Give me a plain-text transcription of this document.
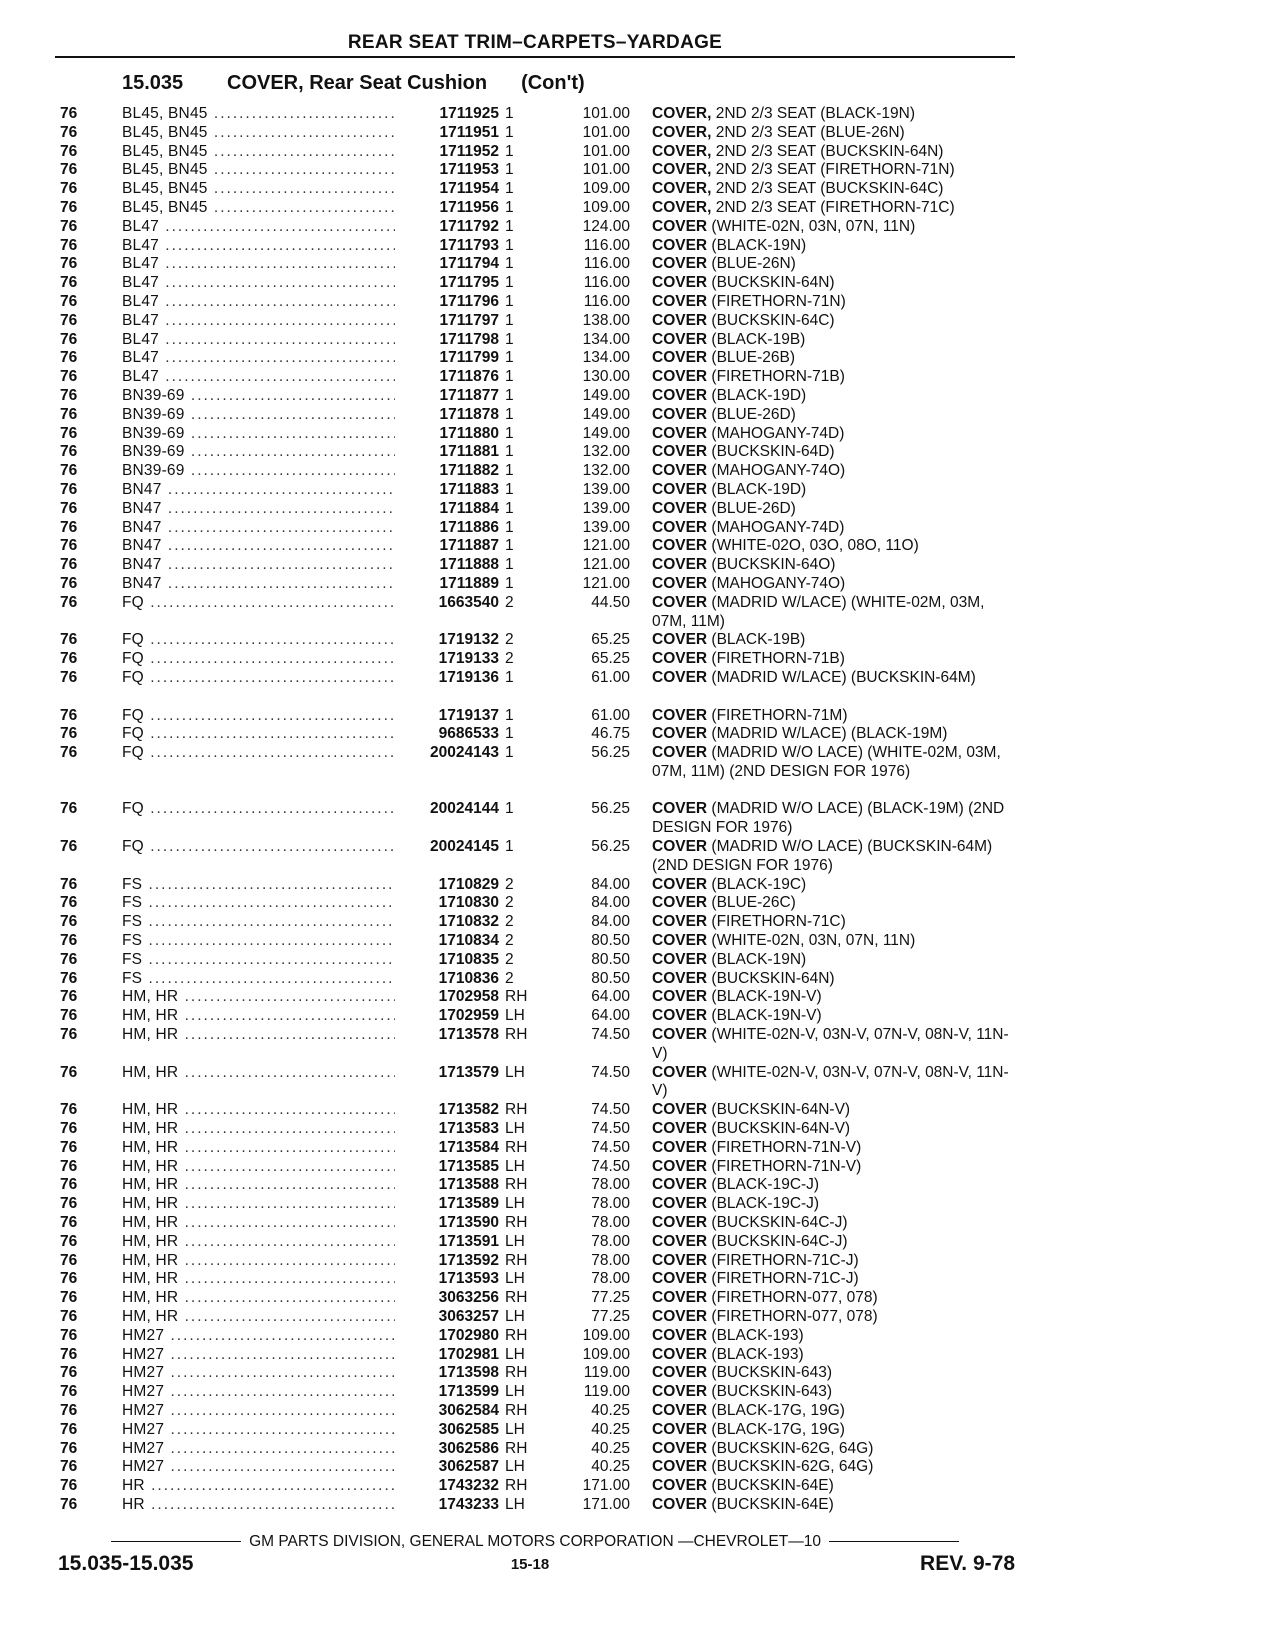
REAR SEAT TRIM–CARPETS–YARDAGE
15.035 COVER, Rear Seat Cushion (Con't)
76	BL45, BN45 .....	1711925 1	101.00 COVER, 2ND 2/3 SEAT (BLACK-19N)
76	BL45, BN45 .....	1711951 1	101.00 COVER, 2ND 2/3 SEAT (BLUE-26N)
76	BL45, BN45 .....	1711952 1	101.00 COVER, 2ND 2/3 SEAT (BUCKSKIN-64N)
76	BL45, BN45 .....	1711953 1	101.00 COVER, 2ND 2/3 SEAT (FIRETHORN-71N)
76	BL45, BN45 .....	1711954 1	109.00 COVER, 2ND 2/3 SEAT (BUCKSKIN-64C)
76	BL45, BN45 .....	1711956 1	109.00 COVER, 2ND 2/3 SEAT (FIRETHORN-71C)
76	BL47 .....	1711792 1	124.00 COVER (WHITE-02N, 03N, 07N, 11N)
76	BL47 .....	1711793 1	116.00 COVER (BLACK-19N)
76	BL47 .....	1711794 1	116.00 COVER (BLUE-26N)
76	BL47 .....	1711795 1	116.00 COVER (BUCKSKIN-64N)
76	BL47 .....	1711796 1	116.00 COVER (FIRETHORN-71N)
76	BL47 .....	1711797 1	138.00 COVER (BUCKSKIN-64C)
76	BL47 .....	1711798 1	134.00 COVER (BLACK-19B)
76	BL47 .....	1711799 1	134.00 COVER (BLUE-26B)
76	BL47 .....	1711876 1	130.00 COVER (FIRETHORN-71B)
76	BN39-69 .....	1711877 1	149.00 COVER (BLACK-19D)
76	BN39-69 .....	1711878 1	149.00 COVER (BLUE-26D)
76	BN39-69 .....	1711880 1	149.00 COVER (MAHOGANY-74D)
76	BN39-69 .....	1711881 1	132.00 COVER (BUCKSKIN-64D)
76	BN39-69 .....	1711882 1	132.00 COVER (MAHOGANY-74O)
76	BN47 .....	1711883 1	139.00 COVER (BLACK-19D)
76	BN47 .....	1711884 1	139.00 COVER (BLUE-26D)
76	BN47 .....	1711886 1	139.00 COVER (MAHOGANY-74D)
76	BN47 .....	1711887 1	121.00 COVER (WHITE-02O, 03O, 08O, 11O)
76	BN47 .....	1711888 1	121.00 COVER (BUCKSKIN-64O)
76	BN47 .....	1711889 1	121.00 COVER (MAHOGANY-74O)
76	FQ .....	1663540 2	44.50 COVER (MADRID W/LACE) (WHITE-02M, 03M, 07M, 11M)
76	FQ .....	1719132 2	65.25 COVER (BLACK-19B)
76	FQ .....	1719133 2	65.25 COVER (FIRETHORN-71B)
76	FQ .....	1719136 1	61.00 COVER (MADRID W/LACE) (BUCKSKIN-64M)
76	FQ .....	1719137 1	61.00 COVER (FIRETHORN-71M)
76	FQ .....	9686533 1	46.75 COVER (MADRID W/LACE) (BLACK-19M)
76	FQ .....	20024143 1	56.25 COVER (MADRID W/O LACE) (WHITE-02M, 03M, 07M, 11M) (2ND DESIGN FOR 1976)
76	FQ .....	20024144 1	56.25 COVER (MADRID W/O LACE) (BLACK-19M) (2ND DESIGN FOR 1976)
76	FQ .....	20024145 1	56.25 COVER (MADRID W/O LACE) (BUCKSKIN-64M) (2ND DESIGN FOR 1976)
76	FS .....	1710829 2	84.00 COVER (BLACK-19C)
76	FS .....	1710830 2	84.00 COVER (BLUE-26C)
76	FS .....	1710832 2	84.00 COVER (FIRETHORN-71C)
76	FS .....	1710834 2	80.50 COVER (WHITE-02N, 03N, 07N, 11N)
76	FS .....	1710835 2	80.50 COVER (BLACK-19N)
76	FS .....	1710836 2	80.50 COVER (BUCKSKIN-64N)
76	HM, HR .....	1702958 RH	64.00 COVER (BLACK-19N-V)
76	HM, HR .....	1702959 LH	64.00 COVER (BLACK-19N-V)
76	HM, HR .....	1713578 RH	74.50 COVER (WHITE-02N-V, 03N-V, 07N-V, 08N-V, 11N-V)
76	HM, HR .....	1713579 LH	74.50 COVER (WHITE-02N-V, 03N-V, 07N-V, 08N-V, 11N-V)
76	HM, HR .....	1713582 RH	74.50 COVER (BUCKSKIN-64N-V)
76	HM, HR .....	1713583 LH	74.50 COVER (BUCKSKIN-64N-V)
76	HM, HR .....	1713584 RH	74.50 COVER (FIRETHORN-71N-V)
76	HM, HR .....	1713585 LH	74.50 COVER (FIRETHORN-71N-V)
76	HM, HR .....	1713588 RH	78.00 COVER (BLACK-19C-J)
76	HM, HR .....	1713589 LH	78.00 COVER (BLACK-19C-J)
76	HM, HR .....	1713590 RH	78.00 COVER (BUCKSKIN-64C-J)
76	HM, HR .....	1713591 LH	78.00 COVER (BUCKSKIN-64C-J)
76	HM, HR .....	1713592 RH	78.00 COVER (FIRETHORN-71C-J)
76	HM, HR .....	1713593 LH	78.00 COVER (FIRETHORN-71C-J)
76	HM, HR .....	3063256 RH	77.25 COVER (FIRETHORN-077, 078)
76	HM, HR .....	3063257 LH	77.25 COVER (FIRETHORN-077, 078)
76	HM27 .....	1702980 RH	109.00 COVER (BLACK-193)
76	HM27 .....	1702981 LH	109.00 COVER (BLACK-193)
76	HM27 .....	1713598 RH	119.00 COVER (BUCKSKIN-643)
76	HM27 .....	1713599 LH	119.00 COVER (BUCKSKIN-643)
76	HM27 .....	3062584 RH	40.25 COVER (BLACK-17G, 19G)
76	HM27 .....	3062585 LH	40.25 COVER (BLACK-17G, 19G)
76	HM27 .....	3062586 RH	40.25 COVER (BUCKSKIN-62G, 64G)
76	HM27 .....	3062587 LH	40.25 COVER (BUCKSKIN-62G, 64G)
76	HR .....	1743232 RH	171.00 COVER (BUCKSKIN-64E)
76	HR .....	1743233 LH	171.00 COVER (BUCKSKIN-64E)
GM PARTS DIVISION, GENERAL MOTORS CORPORATION —CHEVROLET—10
15.035-15.035	15-18	REV. 9-78
